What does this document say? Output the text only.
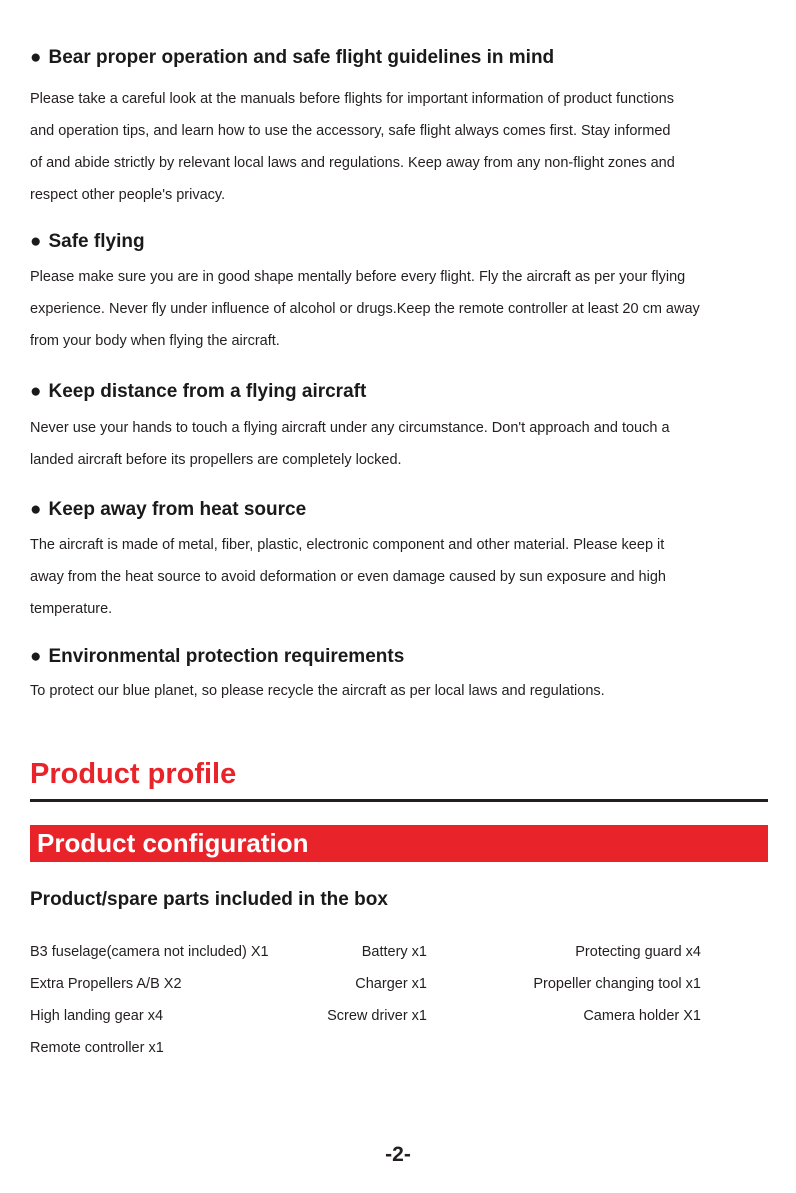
● Bear proper operation and safe flight guidelines in mind

Please take a careful look at the manuals before flights for important information of product functions

and operation tips, and learn how to use the accessory, safe flight always comes first. Stay informed

of and abide strictly by relevant local laws and regulations. Keep away from any non-flight zones and

respect other people's privacy.

● Safe flying

Please make sure you are in good shape mentally before every flight. Fly the aircraft as per your flying

experience. Never fly under influence of alcohol or drugs.Keep the remote controller at least 20 cm away

from your body when flying the aircraft.

● Keep distance from a flying aircraft

Never use your hands to touch a flying aircraft under any circumstance. Don't approach and touch a

landed aircraft before its propellers are completely locked.

● Keep away from heat source

The aircraft is made of metal, fiber, plastic, electronic component and other material. Please keep it

away from the heat source to avoid deformation or even damage caused by sun exposure and high

temperature.

● Environmental protection requirements

To protect our blue planet, so please recycle the aircraft as per local laws and regulations.

Product profile
Product configuration
Product/spare parts included in the box

B3 fuselage(camera not included) X1	Battery x1	Protecting guard x4

Extra Propellers A/B X2	Charger x1	Propeller changing tool x1

High landing gear x4	Screw driver x1	Camera holder X1

Remote controller x1

-2-
